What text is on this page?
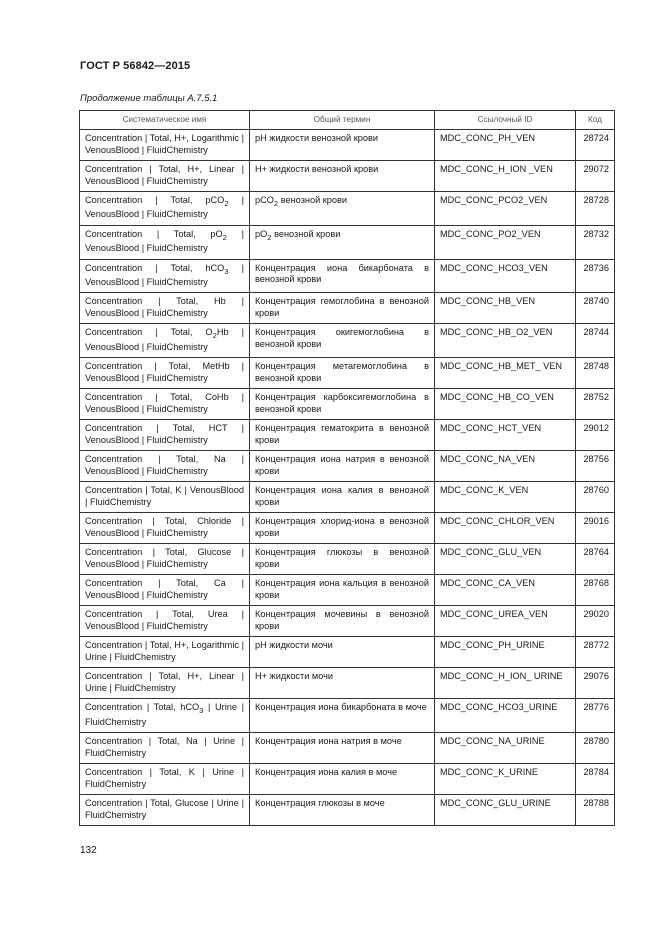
ГОСТ Р 56842—2015
Продолжение таблицы А.7.5.1
Систематическое имя	Общий термин	Ссылочный ID	Код
Concentration | Total, H+, Logarithmic | VenousBlood | FluidChemistry	pH жидкости венозной крови	MDC_CONC_PH_VEN	28724
Concentration | Total, H+, Linear | VenousBlood | FluidChemistry	H+ жидкости венозной крови	MDC_CONC_H_ION _VEN	29072
Concentration | Total, pCO$_2$ | VenousBlood | FluidChemistry	pCO$_2$ венозной крови	MDC_CONC_PCO2_VEN	28728
Concentration | Total, $pO_2$ | VenousBlood | FluidChemistry	$pO_2$ венозной крови	MDC_CONC_PO2_VEN	28732
Concentration | Total, hCO$_3$ | VenousBlood | FluidChemistry	Концентрация иона бикарбоната в венозной крови	MDC_CONC_HCO3_VEN	28736
Concentration | Total, Hb | VenousBlood | FluidChemistry	Концентрация гемоглобина в венозной крови	MDC_CONC_HB_VEN	28740
Concentration | Total, $O_2Hb$ | VenousBlood | FluidChemistry	Концентрация окигемоглобина в венозной крови	MDC_CONC_HB_O2_VEN	28744
Concentration | Total, MetHb | VenousBlood | FluidChemistry	Концентрация метагемоглобина в венозной крови	MDC_CONC_HB_MET_ VEN	28748
Concentration | Total, CoHb | VenousBlood | FluidChemistry	Концентрация карбоксигемоглобина в венозной крови	MDC_CONC_HB_CO_VEN	28752
Concentration | Total, HCT | VenousBlood | FluidChemistry	Концентрация гематокрита в венозной крови	MDC_CONC_HCT_VEN	29012
Concentration | Total, Na | VenousBlood | FluidChemistry	Концентрация иона натрия в венозной крови	MDC_CONC_NA_VEN	28756
Concentration | Total, K | VenousBlood | FluidChemistry	Концентрация иона калия в венозной крови	MDC_CONC_K_VEN	28760
Concentration | Total, Chloride | VenousBlood | FluidChemistry	Концентрация хлорид-иона в венозной крови	MDC_CONC_CHLOR_VEN	29016
Concentration | Total, Glucose | VenousBlood | FluidChemistry	Концентрация глюкозы в венозной крови	MDC_CONC_GLU_VEN	28764
Concentration | Total, Ca | VenousBlood | FluidChemistry	Концентрация иона кальция в венозной крови	MDC_CONC_CA_VEN	28768
Concentration | Total, Urea | VenousBlood | FluidChemistry	Концентрация мочевины в венозной крови	MDC_CONC_UREA_VEN	29020
Concentration | Total, H+, Logarithmic | Urine | FluidChemistry	pH жидкости мочи	MDC_CONC_PH_URINE	28772
Concentration | Total, H+, Linear | Urine | FluidChemistry	H+ жидкости мочи	MDC_CONC_H_ION_ URINE	29076
Concentration | Total, hCO$_3$ | Urine | FluidChemistry	Концентрация иона бикарбоната в моче	MDC_CONC_HCO3_URINE	28776
Concentration | Total, Na | Urine | FluidChemistry	Концентрация иона натрия в моче	MDC_CONC_NA_URINE	28780
Concentration | Total, K | Urine | FluidChemistry	Концентрация иона калия в моче	MDC_CONC_K_URINE	28784
Concentration | Total, Glucose | Urine | FluidChemistry	Концентрация глюкозы в моче	MDC_CONC_GLU_URINE	28788
132
